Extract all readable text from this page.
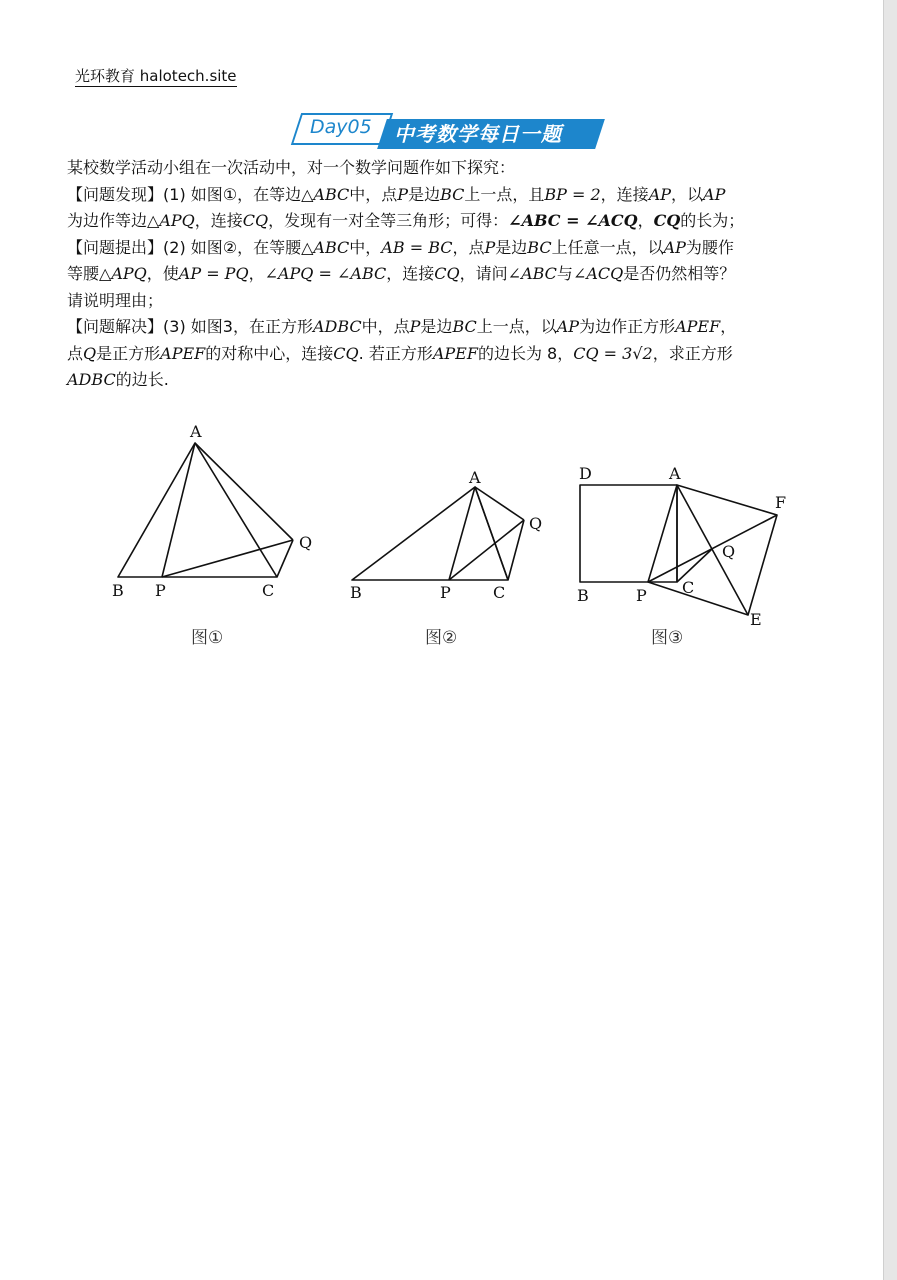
光环教育 halotech.site
Day05 中考数学每日一题

某校数学活动小组在一次活动中，对一个数学问题作如下探究：

【问题发现】(1) 如图①，在等边△ABC中，点P是边BC上一点，且BP = 2，连接AP，以AP

为边作等边△APQ，连接CQ，发现有一对全等三角形；可得：∠ABC = ∠ACQ，CQ的长为；

【问题提出】(2) 如图②，在等腰△ABC中，AB = BC，点P是边BC上任意一点，以AP为腰作

等腰△APQ，使AP = PQ，∠APQ = ∠ABC，连接CQ，请问∠ABC与∠ACQ是否仍然相等？

请说明理由；

【问题解决】(3) 如图3，在正方形ADBC中，点P是边BC上一点，以AP为边作正方形APEF，

点Q是正方形APEF的对称中心，连接CQ. 若正方形APEF的边长为 8，CQ = 3√2，求正方形

ADBC的边长.

A
B P	C
Q
图①
A
B	P	C
Q
图②
D	A
F
Q
C
B	P
E
图③
